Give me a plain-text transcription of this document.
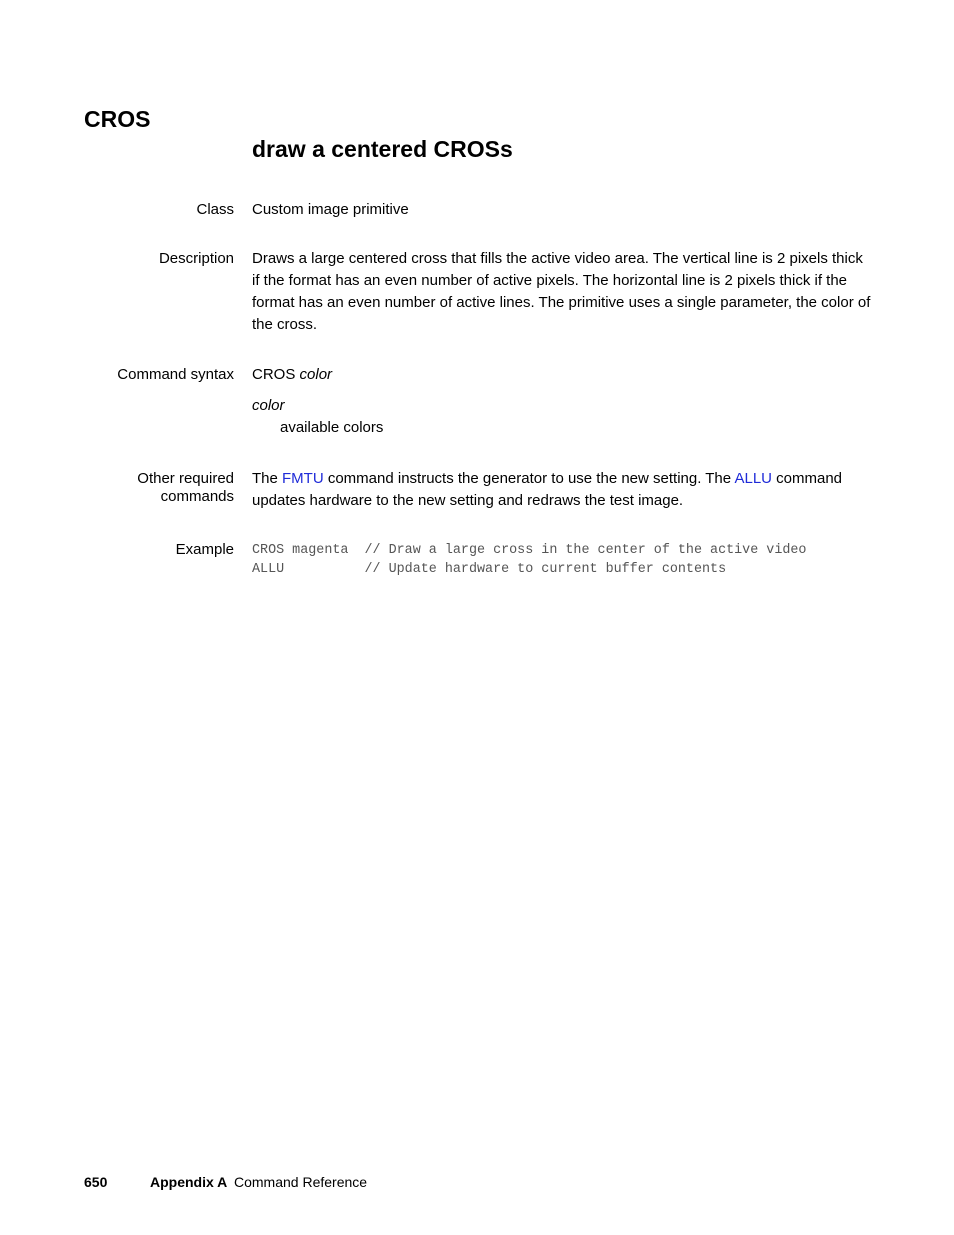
CROS
draw a centered CROSs
Class Custom image primitive

Description Draws a large centered cross that fills the active video area. The vertical line is 2 pixels thick if the format has an even number of active pixels. The horizontal line is 2 pixels thick if the format has an even number of active lines. The primitive uses a single parameter, the color of the cross.

Command syntax CROS color

color

available colors

Other required
commands

The FMTU command instructs the generator to use the new setting. The ALLU command updates hardware to the new setting and redraws the test image.

Example CROS magenta  // Draw a large cross in the center of the active video
ALLU          // Update hardware to current buffer contents
650	Appendix A Command Reference
